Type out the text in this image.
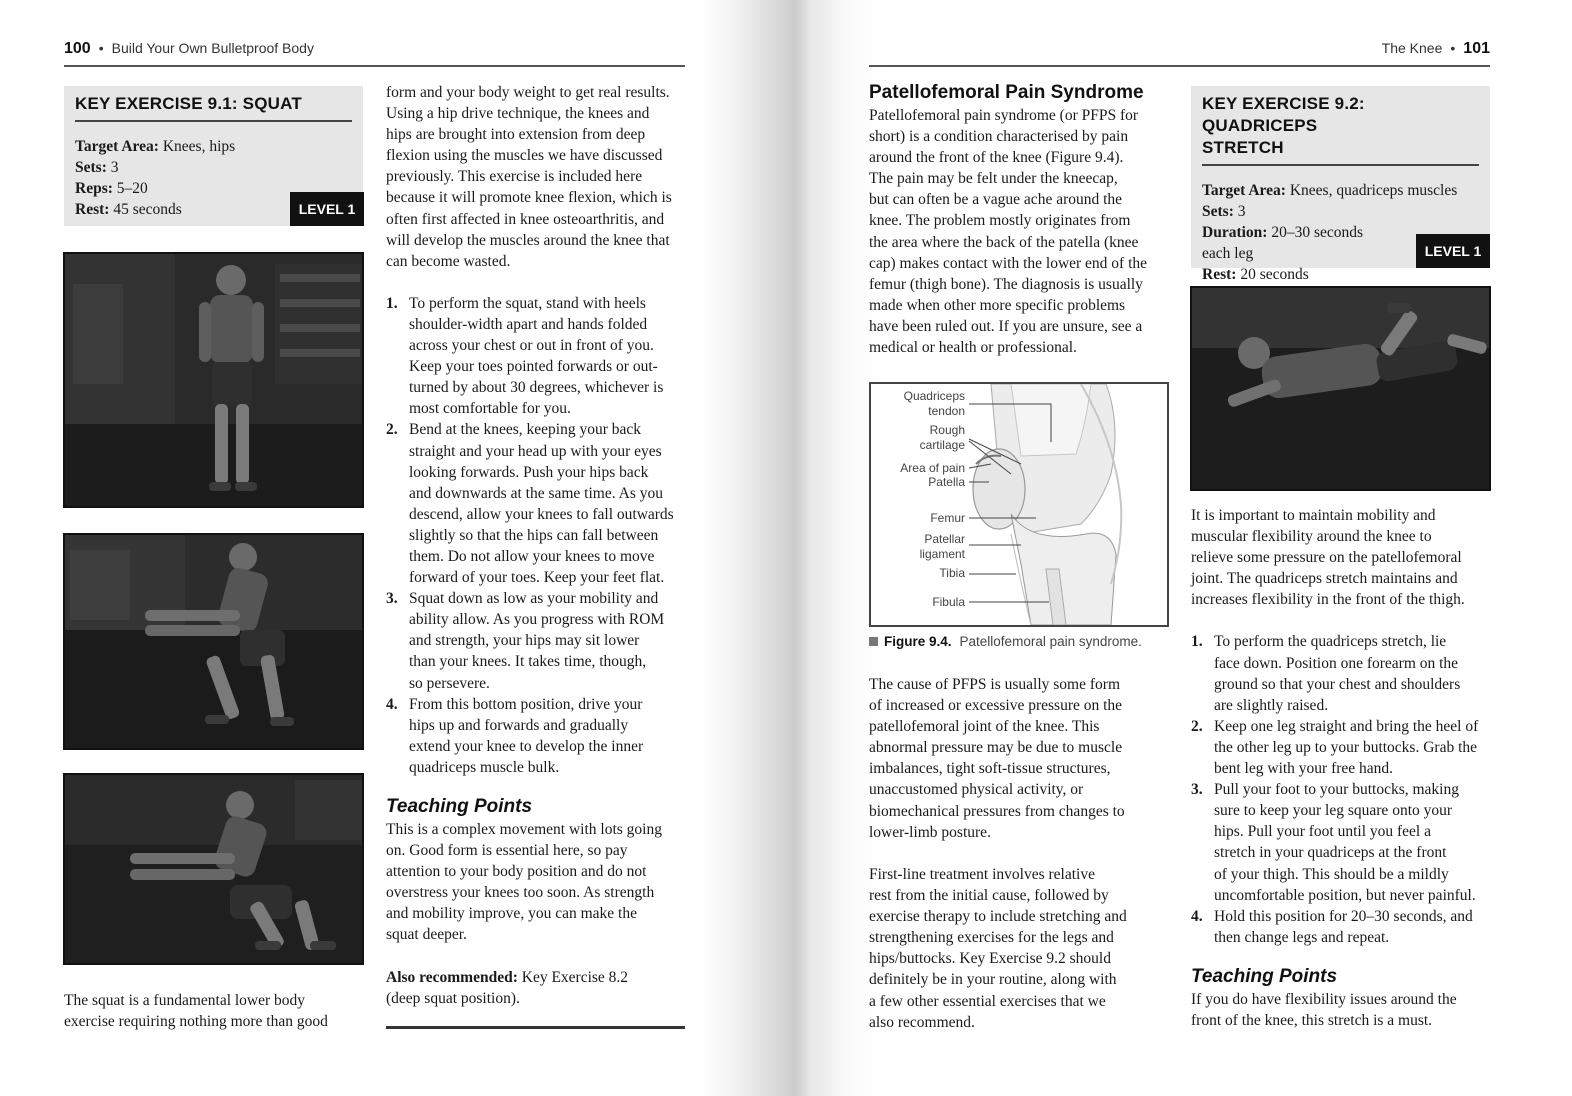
100 • Build Your Own Bulletproof Body
KEY EXERCISE 9.1: SQUAT
Target Area: Knees, hips
Sets: 3
Reps: 5–20
Rest: 45 seconds	LEVEL 1
The squat is a fundamental lower body
exercise requiring nothing more than good
form and your body weight to get real results.
Using a hip drive technique, the knees and
hips are brought into extension from deep
flexion using the muscles we have discussed
previously. This exercise is included here
because it will promote knee flexion, which is
often first affected in knee osteoarthritis, and
will develop the muscles around the knee that
can become wasted.
1. To perform the squat, stand with heels
shoulder-width apart and hands folded
across your chest or out in front of you.
Keep your toes pointed forwards or out-
turned by about 30 degrees, whichever is
most comfortable for you.
2. Bend at the knees, keeping your back
straight and your head up with your eyes
looking forwards. Push your hips back
and downwards at the same time. As you
descend, allow your knees to fall outwards
slightly so that the hips can fall between
them. Do not allow your knees to move
forward of your toes. Keep your feet flat.
3. Squat down as low as your mobility and
ability allow. As you progress with ROM
and strength, your hips may sit lower
than your knees. It takes time, though,
so persevere.
4. From this bottom position, drive your
hips up and forwards and gradually
extend your knee to develop the inner
quadriceps muscle bulk.
Teaching Points
This is a complex movement with lots going
on. Good form is essential here, so pay
attention to your body position and do not
overstress your knees too soon. As strength
and mobility improve, you can make the
squat deeper.
Also recommended: Key Exercise 8.2
(deep squat position).
The Knee • 101
Patellofemoral Pain Syndrome
Patellofemoral pain syndrome (or PFPS for
short) is a condition characterised by pain
around the front of the knee (Figure 9.4).
The pain may be felt under the kneecap,
but can often be a vague ache around the
knee. The problem mostly originates from
the area where the back of the patella (knee
cap) makes contact with the lower end of the
femur (thigh bone). The diagnosis is usually
made when other more specific problems
have been ruled out. If you are unsure, see a
medical or health or professional.
Quadriceps
tendon
Rough
cartilage
Area of pain
Patella
Femur
Patellar
ligament
Tibia
Fibula
Figure 9.4. Patellofemoral pain syndrome.
The cause of PFPS is usually some form
of increased or excessive pressure on the
patellofemoral joint of the knee. This
abnormal pressure may be due to muscle
imbalances, tight soft-tissue structures,
unaccustomed physical activity, or
biomechanical pressures from changes to
lower-limb posture.
First-line treatment involves relative
rest from the initial cause, followed by
exercise therapy to include stretching and
strengthening exercises for the legs and
hips/buttocks. Key Exercise 9.2 should
definitely be in your routine, along with
a few other essential exercises that we
also recommend.
KEY EXERCISE 9.2: QUADRICEPS
STRETCH
Target Area: Knees, quadriceps muscles
Sets: 3
Duration: 20–30 seconds
each leg
Rest: 20 seconds
LEVEL 1
It is important to maintain mobility and
muscular flexibility around the knee to
relieve some pressure on the patellofemoral
joint. The quadriceps stretch maintains and
increases flexibility in the front of the thigh.
1. To perform the quadriceps stretch, lie
face down. Position one forearm on the
ground so that your chest and shoulders
are slightly raised.
2. Keep one leg straight and bring the heel of
the other leg up to your buttocks. Grab the
bent leg with your free hand.
3. Pull your foot to your buttocks, making
sure to keep your leg square onto your
hips. Pull your foot until you feel a
stretch in your quadriceps at the front
of your thigh. This should be a mildly
uncomfortable position, but never painful.
4. Hold this position for 20–30 seconds, and
then change legs and repeat.
Teaching Points
If you do have flexibility issues around the
front of the knee, this stretch is a must.
